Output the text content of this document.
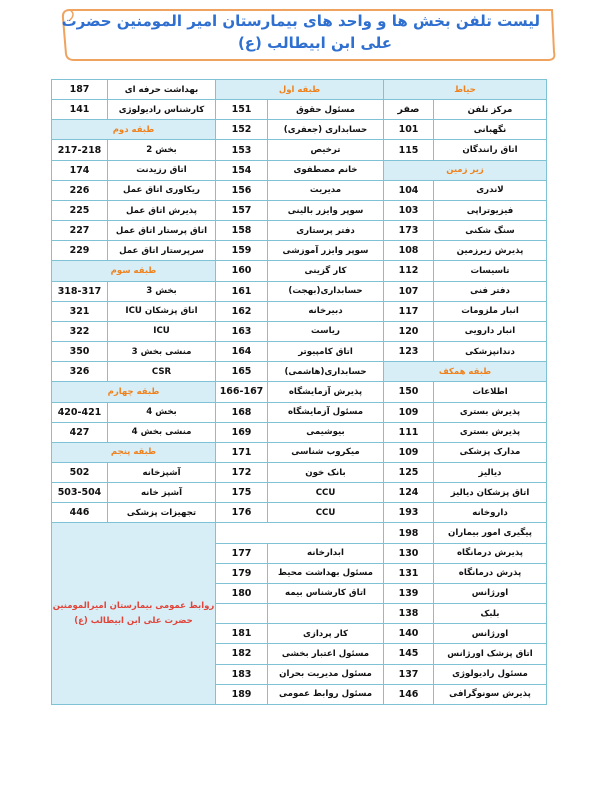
لیست تلفن بخش ها و واحد های بیمارستان امیر المومنین حضرت
علی ابن ابیطالب (ع)
187	بهداشت حرفه ای	طبقه اول		حیاط	
141	کارشناس رادیولوژی	151	مسئول حقوق	صفر	مرکز تلفن
طبقه دوم		152	حسابداری (جعفری)	101	نگهبانی
217-218	بخش 2	153	ترخیص	115	اتاق رانندگان
174	اتاق رزیدنت	154	خانم مصطفوی	زیر زمین	
226	ریکاوری اتاق عمل	156	مدیریت	104	لاندری
225	پذیرش اتاق عمل	157	سوپر وایزر بالینی	103	فیزیوتراپی
227	اتاق پرستار اتاق عمل	158	دفتر پرستاری	173	سنگ شکنی
229	سرپرستار اتاق عمل	159	سوپر وایزر آموزشی	108	پذیرش زیرزمین
طبقه سوم		160	کار گزینی	112	تاسیسات
318-317	بخش 3	161	حسابداری(بهجت)	107	دفتر فنی
321	اتاق پزشکان ICU	162	دبیرخانه	117	انبار ملزومات
322	ICU	163	ریاست	120	انبار دارویی
350	منشی بخش 3	164	اتاق کامپیوتر	123	دندانپزشکی
326	CSR	165	حسابداری(هاشمی)	طبقه همکف	
طبقه چهارم		166-167	پذیرش آزمایشگاه	150	اطلاعات
420-421	بخش 4	168	مسئول آزمایشگاه	109	پذیرش بستری
427	منشی بخش 4	169	بیوشیمی	111	پذیرش بستری
طبقه پنجم		171	میکروب شناسی	109	مدارک پزشکی
502	آشپزخانه	172	بانک خون	125	دیالیز
503-504	آشپز خانه	175	CCU	124	اتاق پزشکان دیالیز
446	تجهیزات پزشکی	176	CCU	193	داروخانه
روابط عمومی بیمارستان امیرالمومنین حضرت علی ابن ابیطالب (ع)				198	پیگیری امور بیماران
		177	ابدارخانه	130	پذیرش درمانگاه
		179	مسئول بهداشت محیط	131	پذرش درمانگاه
		180	اتاق کارشناس بیمه	139	اورژانس
				138	بلبک
		181	کار پردازی	140	اورژانس
		182	مسئول اعتبار بخشی	145	اتاق پزشک اورژانس
		183	مسئول مدیریت بحران	137	مسئول رادیولوژی
		189	مسئول روابط عمومی	146	پذیرش سونوگرافی
